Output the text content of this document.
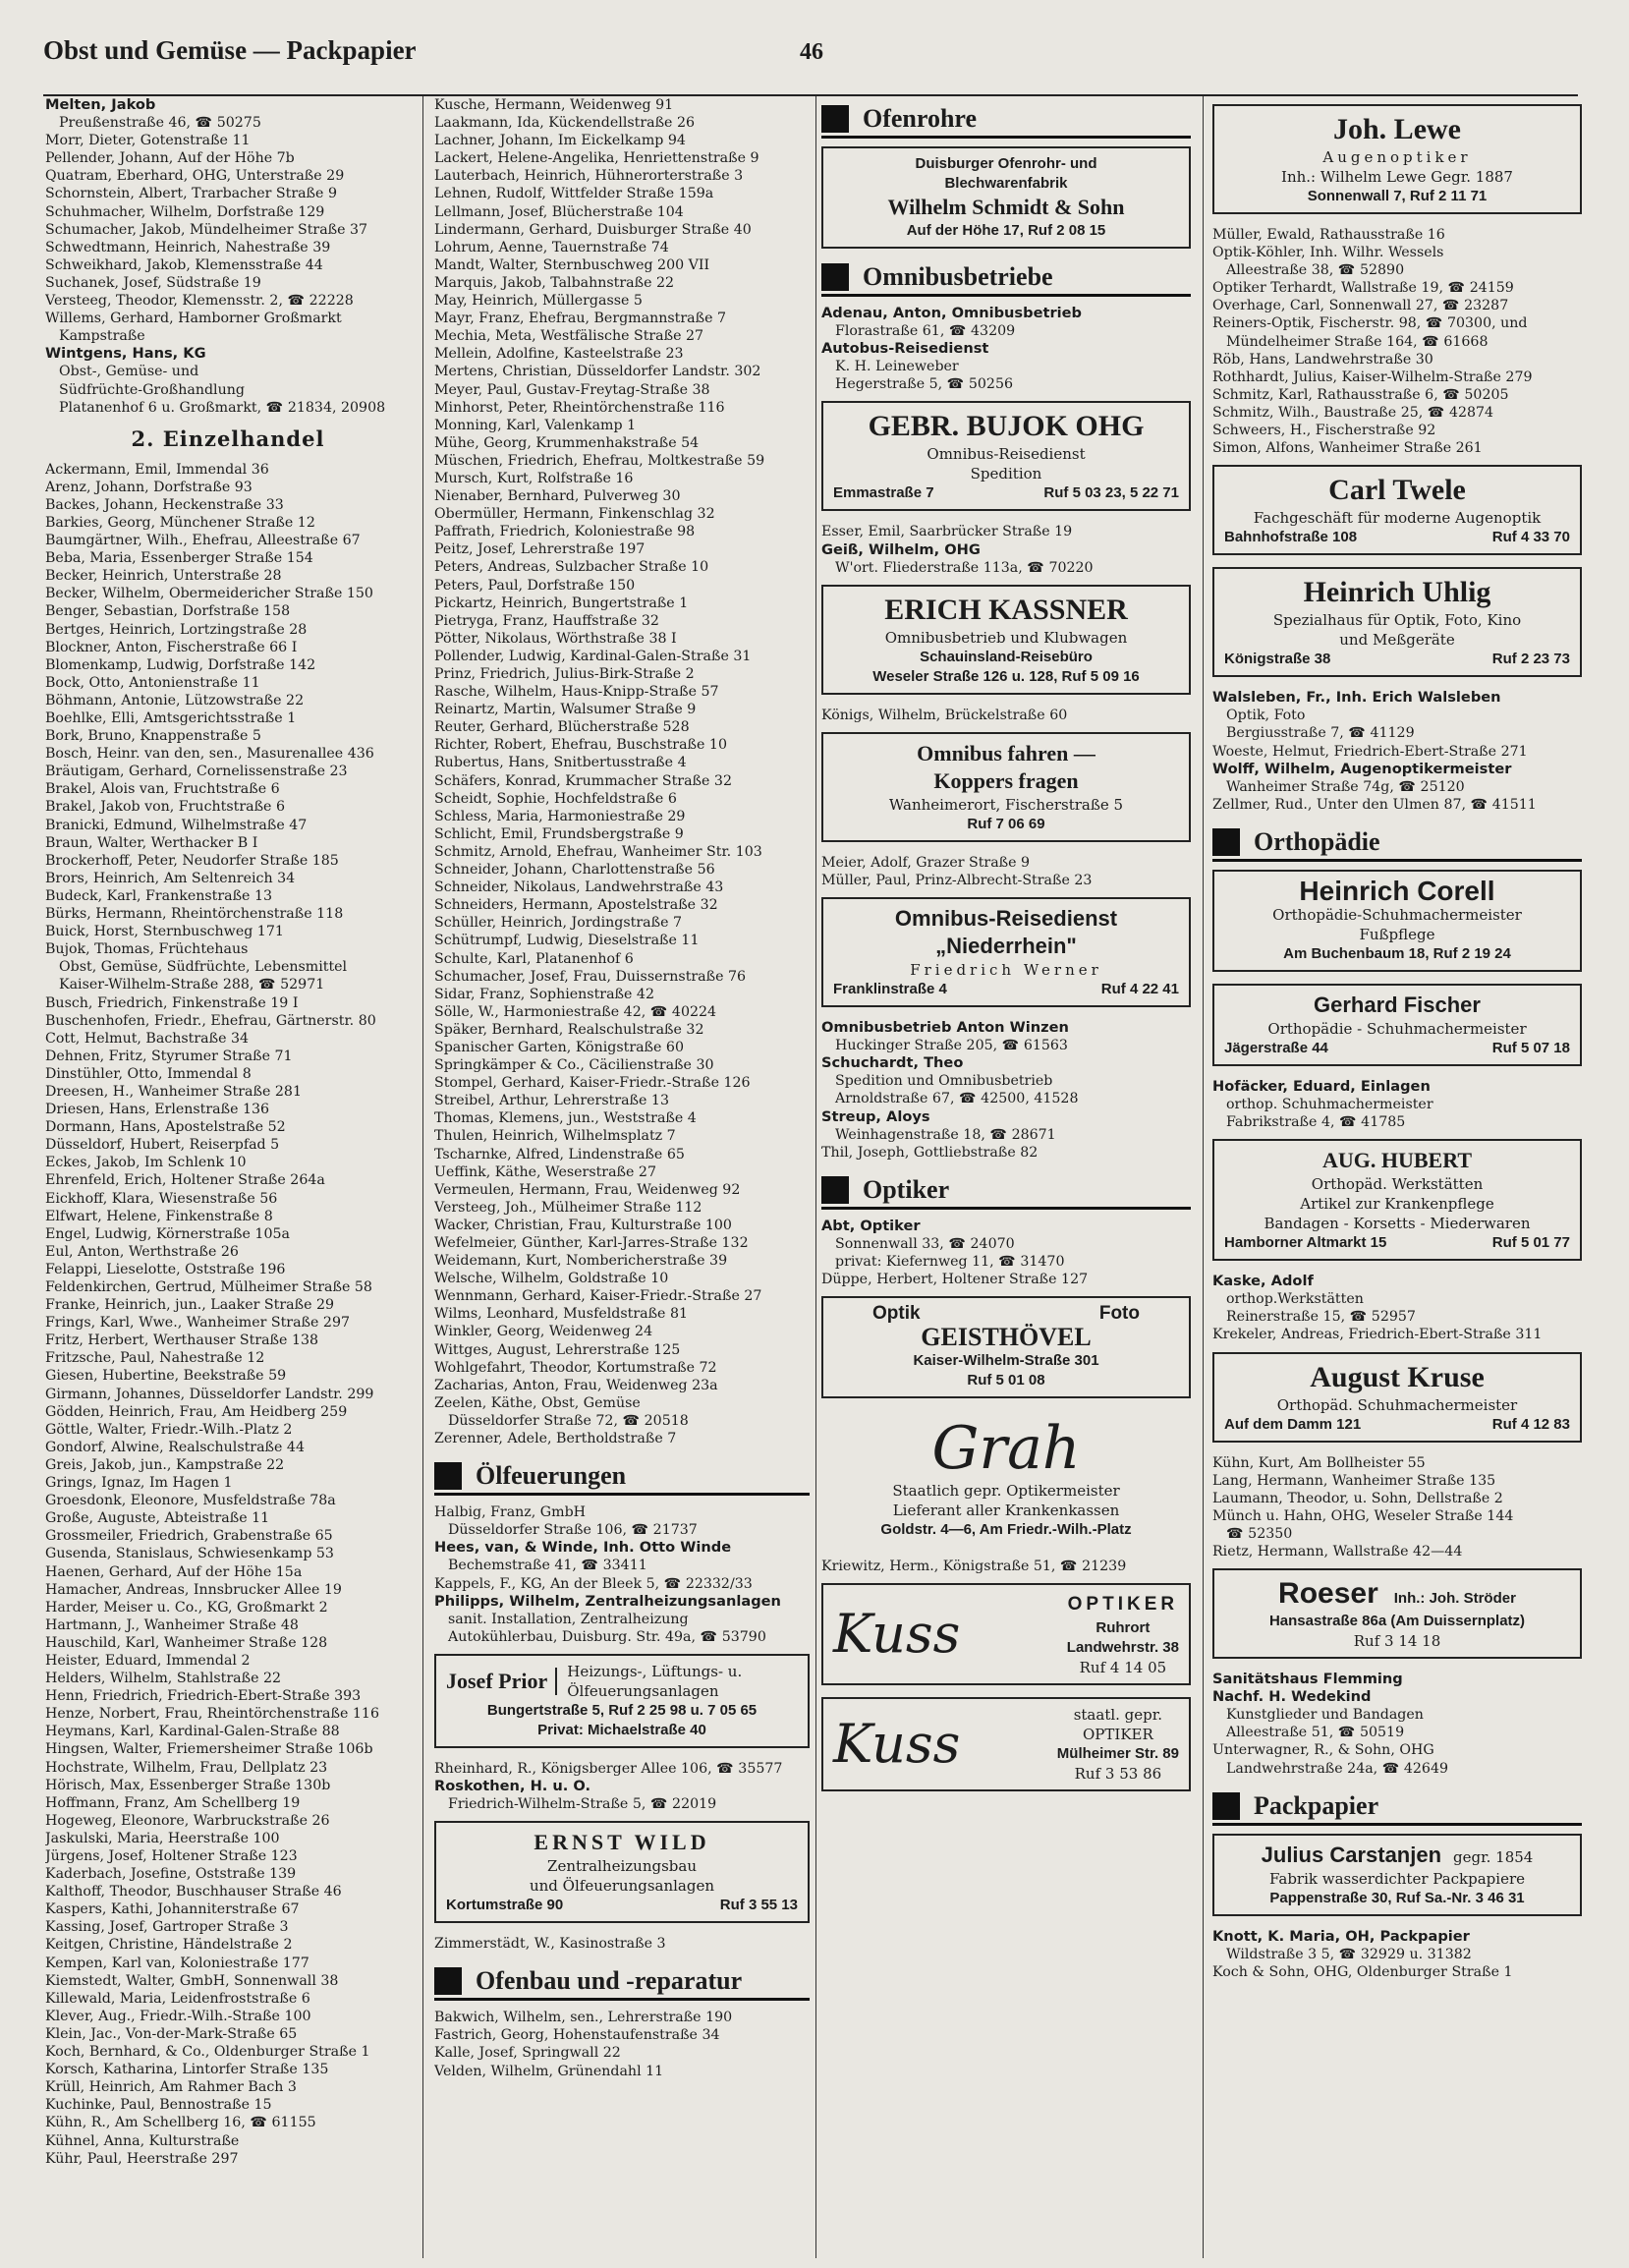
Obst und Gemüse — Packpapier	46
Melten, Jakob
Preußenstraße 46, ☎ 50275
Morr, Dieter, Gotenstraße 11
Pellender, Johann, Auf der Höhe 7b
Quatram, Eberhard, OHG, Unterstraße 29
Schornstein, Albert, Trarbacher Straße 9
Schuhmacher, Wilhelm, Dorfstraße 129
Schumacher, Jakob, Mündelheimer Straße 37
Schwedtmann, Heinrich, Nahestraße 39
Schweikhard, Jakob, Klemensstraße 44
Suchanek, Josef, Südstraße 19
Versteeg, Theodor, Klemensstr. 2, ☎ 22228
Willems, Gerhard, Hamborner Großmarkt
Kampstraße
Wintgens, Hans, KG
Obst-, Gemüse- und
Südfrüchte-Großhandlung
Platanenhof 6 u. Großmarkt, ☎ 21834, 20908
2. Einzelhandel
Ackermann, Emil, Immendal 36
Arenz, Johann, Dorfstraße 93
Backes, Johann, Heckenstraße 33
Barkies, Georg, Münchener Straße 12
Baumgärtner, Wilh., Ehefrau, Alleestraße 67
Beba, Maria, Essenberger Straße 154
Becker, Heinrich, Unterstraße 28
Becker, Wilhelm, Obermeidericher Straße 150
Benger, Sebastian, Dorfstraße 158
Bertges, Heinrich, Lortzingstraße 28
Blockner, Anton, Fischerstraße 66 I
Blomenkamp, Ludwig, Dorfstraße 142
Bock, Otto, Antonienstraße 11
Böhmann, Antonie, Lützowstraße 22
Boehlke, Elli, Amtsgerichtsstraße 1
Bork, Bruno, Knappenstraße 5
Bosch, Heinr. van den, sen., Masurenallee 436
Bräutigam, Gerhard, Cornelissenstraße 23
Brakel, Alois van, Fruchtstraße 6
Brakel, Jakob von, Fruchtstraße 6
Branicki, Edmund, Wilhelmstraße 47
Braun, Walter, Werthacker B I
Brockerhoff, Peter, Neudorfer Straße 185
Brors, Heinrich, Am Seltenreich 34
Budeck, Karl, Frankenstraße 13
Bürks, Hermann, Rheintörchenstraße 118
Buick, Horst, Sternbuschweg 171
Bujok, Thomas, Früchtehaus
Obst, Gemüse, Südfrüchte, Lebensmittel
Kaiser-Wilhelm-Straße 288, ☎ 52971
Busch, Friedrich, Finkenstraße 19 I
Buschenhofen, Friedr., Ehefrau, Gärtnerstr. 80
Cott, Helmut, Bachstraße 34
Dehnen, Fritz, Styrumer Straße 71
Dinstühler, Otto, Immendal 8
Dreesen, H., Wanheimer Straße 281
Driesen, Hans, Erlenstraße 136
Dormann, Hans, Apostelstraße 52
Düsseldorf, Hubert, Reiserpfad 5
Eckes, Jakob, Im Schlenk 10
Ehrenfeld, Erich, Holtener Straße 264a
Eickhoff, Klara, Wiesenstraße 56
Elfwart, Helene, Finkenstraße 8
Engel, Ludwig, Körnerstraße 105a
Eul, Anton, Werthstraße 26
Felappi, Lieselotte, Oststraße 196
Feldenkirchen, Gertrud, Mülheimer Straße 58
Franke, Heinrich, jun., Laaker Straße 29
Frings, Karl, Wwe., Wanheimer Straße 297
Fritz, Herbert, Werthauser Straße 138
Fritzsche, Paul, Nahestraße 12
Giesen, Hubertine, Beekstraße 59
Girmann, Johannes, Düsseldorfer Landstr. 299
Gödden, Heinrich, Frau, Am Heidberg 259
Göttle, Walter, Friedr.-Wilh.-Platz 2
Gondorf, Alwine, Realschulstraße 44
Greis, Jakob, jun., Kampstraße 22
Grings, Ignaz, Im Hagen 1
Groesdonk, Eleonore, Musfeldstraße 78a
Große, Auguste, Abteistraße 11
Grossmeiler, Friedrich, Grabenstraße 65
Gusenda, Stanislaus, Schwiesenkamp 53
Haenen, Gerhard, Auf der Höhe 15a
Hamacher, Andreas, Innsbrucker Allee 19
Harder, Meiser u. Co., KG, Großmarkt 2
Hartmann, J., Wanheimer Straße 48
Hauschild, Karl, Wanheimer Straße 128
Heister, Eduard, Immendal 2
Helders, Wilhelm, Stahlstraße 22
Henn, Friedrich, Friedrich-Ebert-Straße 393
Henze, Norbert, Frau, Rheintörchenstraße 116
Heymans, Karl, Kardinal-Galen-Straße 88
Hingsen, Walter, Friemersheimer Straße 106b
Hochstrate, Wilhelm, Frau, Dellplatz 23
Hörisch, Max, Essenberger Straße 130b
Hoffmann, Franz, Am Schellberg 19
Hogeweg, Eleonore, Warbruckstraße 26
Jaskulski, Maria, Heerstraße 100
Jürgens, Josef, Holtener Straße 123
Kaderbach, Josefine, Oststraße 139
Kalthoff, Theodor, Buschhauser Straße 46
Kaspers, Kathi, Johanniterstraße 67
Kassing, Josef, Gartroper Straße 3
Keitgen, Christine, Händelstraße 2
Kempen, Karl van, Koloniestraße 177
Kiemstedt, Walter, GmbH, Sonnenwall 38
Killewald, Maria, Leidenfroststraße 6
Klever, Aug., Friedr.-Wilh.-Straße 100
Klein, Jac., Von-der-Mark-Straße 65
Koch, Bernhard, & Co., Oldenburger Straße 1
Korsch, Katharina, Lintorfer Straße 135
Krüll, Heinrich, Am Rahmer Bach 3
Kuchinke, Paul, Bennostraße 15
Kühn, R., Am Schellberg 16, ☎ 61155
Kühnel, Anna, Kulturstraße
Kühr, Paul, Heerstraße 297
Kusche, Hermann, Weidenweg 91
Laakmann, Ida, Kückendellstraße 26
Lachner, Johann, Im Eickelkamp 94
Lackert, Helene-Angelika, Henriettenstraße 9
Lauterbach, Heinrich, Hühnerorterstraße 3
Lehnen, Rudolf, Wittfelder Straße 159a
Lellmann, Josef, Blücherstraße 104
Lindermann, Gerhard, Duisburger Straße 40
Lohrum, Aenne, Tauernstraße 74
Mandt, Walter, Sternbuschweg 200 VII
Marquis, Jakob, Talbahnstraße 22
May, Heinrich, Müllergasse 5
Mayr, Franz, Ehefrau, Bergmannstraße 7
Mechia, Meta, Westfälische Straße 27
Mellein, Adolfine, Kasteelstraße 23
Mertens, Christian, Düsseldorfer Landstr. 302
Meyer, Paul, Gustav-Freytag-Straße 38
Minhorst, Peter, Rheintörchenstraße 116
Monning, Karl, Valenkamp 1
Mühe, Georg, Krummenhakstraße 54
Müschen, Friedrich, Ehefrau, Moltkestraße 59
Mursch, Kurt, Rolfstraße 16
Nienaber, Bernhard, Pulverweg 30
Obermüller, Hermann, Finkenschlag 32
Paffrath, Friedrich, Koloniestraße 98
Peitz, Josef, Lehrerstraße 197
Peters, Andreas, Sulzbacher Straße 10
Peters, Paul, Dorfstraße 150
Pickartz, Heinrich, Bungertstraße 1
Pietryga, Franz, Hauffstraße 32
Pötter, Nikolaus, Wörthstraße 38 I
Pollender, Ludwig, Kardinal-Galen-Straße 31
Prinz, Friedrich, Julius-Birk-Straße 2
Rasche, Wilhelm, Haus-Knipp-Straße 57
Reinartz, Martin, Walsumer Straße 9
Reuter, Gerhard, Blücherstraße 528
Richter, Robert, Ehefrau, Buschstraße 10
Rubertus, Hans, Snitbertusstraße 4
Schäfers, Konrad, Krummacher Straße 32
Scheidt, Sophie, Hochfeldstraße 6
Schless, Maria, Harmoniestraße 29
Schlicht, Emil, Frundsbergstraße 9
Schmitz, Arnold, Ehefrau, Wanheimer Str. 103
Schneider, Johann, Charlottenstraße 56
Schneider, Nikolaus, Landwehrstraße 43
Schneiders, Hermann, Apostelstraße 32
Schüller, Heinrich, Jordingstraße 7
Schütrumpf, Ludwig, Dieselstraße 11
Schulte, Karl, Platanenhof 6
Schumacher, Josef, Frau, Duissernstraße 76
Sidar, Franz, Sophienstraße 42
Sölle, W., Harmoniestraße 42, ☎ 40224
Späker, Bernhard, Realschulstraße 32
Spanischer Garten, Königstraße 60
Springkämper & Co., Cäcilienstraße 30
Stompel, Gerhard, Kaiser-Friedr.-Straße 126
Streibel, Arthur, Lehrerstraße 13
Thomas, Klemens, jun., Weststraße 4
Thulen, Heinrich, Wilhelmsplatz 7
Tscharnke, Alfred, Lindenstraße 65
Ueffink, Käthe, Weserstraße 27
Vermeulen, Hermann, Frau, Weidenweg 92
Versteeg, Joh., Mülheimer Straße 112
Wacker, Christian, Frau, Kulturstraße 100
Wefelmeier, Günther, Karl-Jarres-Straße 132
Weidemann, Kurt, Nombericherstraße 39
Welsche, Wilhelm, Goldstraße 10
Wennmann, Gerhard, Kaiser-Friedr.-Straße 27
Wilms, Leonhard, Musfeldstraße 81
Winkler, Georg, Weidenweg 24
Wittges, August, Lehrerstraße 125
Wohlgefahrt, Theodor, Kortumstraße 72
Zacharias, Anton, Frau, Weidenweg 23a
Zeelen, Käthe, Obst, Gemüse
Düsseldorfer Straße 72, ☎ 20518
Zerenner, Adele, Bertholdstraße 7
Ölfeuerungen
Halbig, Franz, GmbH
Düsseldorfer Straße 106, ☎ 21737
Hees, van, & Winde, Inh. Otto Winde
Bechemstraße 41, ☎ 33411
Kappels, F., KG, An der Bleek 5, ☎ 22332/33
Philipps, Wilhelm, Zentralheizungsanlagen
sanit. Installation, Zentralheizung
Autokühlerbau, Duisburg. Str. 49a, ☎ 53790
Josef Prior	Heizungs-, Lüftungs- u.
Ölfeuerungsanlagen
Bungertstraße 5, Ruf 2 25 98 u. 7 05 65
Privat: Michaelstraße 40
Rheinhard, R., Königsberger Allee 106, ☎ 35577
Roskothen, H. u. O.
Friedrich-Wilhelm-Straße 5, ☎ 22019
ERNST WILD
Zentralheizungsbau
und Ölfeuerungsanlagen
Kortumstraße 90	Ruf 3 55 13
Zimmerstädt, W., Kasinostraße 3
Ofenbau und -reparatur
Bakwich, Wilhelm, sen., Lehrerstraße 190
Fastrich, Georg, Hohenstaufenstraße 34
Kalle, Josef, Springwall 22
Velden, Wilhelm, Grünendahl 11
Ofenrohre
Duisburger Ofenrohr- und
Blechwarenfabrik
Wilhelm Schmidt & Sohn
Auf der Höhe 17, Ruf 2 08 15
Omnibusbetriebe
Adenau, Anton, Omnibusbetrieb
Florastraße 61, ☎ 43209
Autobus-Reisedienst
K. H. Leineweber
Hegerstraße 5, ☎ 50256
GEBR. BUJOK OHG
Omnibus-Reisedienst
Spedition
Emmastraße 7	Ruf 5 03 23, 5 22 71
Esser, Emil, Saarbrücker Straße 19
Geiß, Wilhelm, OHG
W'ort. Fliederstraße 113a, ☎ 70220
ERICH KASSNER
Omnibusbetrieb und Klubwagen
Schauinsland-Reisebüro
Weseler Straße 126 u. 128, Ruf 5 09 16
Königs, Wilhelm, Brückelstraße 60
Omnibus fahren —
Koppers fragen
Wanheimerort, Fischerstraße 5
Ruf 7 06 69
Meier, Adolf, Grazer Straße 9
Müller, Paul, Prinz-Albrecht-Straße 23
Omnibus-Reisedienst
„Niederrhein"
Friedrich Werner
Franklinstraße 4	Ruf 4 22 41
Omnibusbetrieb Anton Winzen
Huckinger Straße 205, ☎ 61563
Schuchardt, Theo
Spedition und Omnibusbetrieb
Arnoldstraße 67, ☎ 42500, 41528
Streup, Aloys
Weinhagenstraße 18, ☎ 28671
Thil, Joseph, Gottliebstraße 82
Optiker
Abt, Optiker
Sonnenwall 33, ☎ 24070
privat: Kiefernweg 11, ☎ 31470
Düppe, Herbert, Holtener Straße 127
Optik	Foto
GEISTHÖVEL
Kaiser-Wilhelm-Straße 301
Ruf 5 01 08
Grah
Staatlich gepr. Optikermeister
Lieferant aller Krankenkassen
Goldstr. 4—6, Am Friedr.-Wilh.-Platz
Kriewitz, Herm., Königstraße 51, ☎ 21239
Kuss	OPTIKER
Ruhrort
Landwehrstr. 38
Ruf 4 14 05
Kuss	staatl. gepr.
OPTIKER
Mülheimer Str. 89
Ruf 3 53 86
Joh. Lewe
Augenoptiker
Inh.: Wilhelm Lewe Gegr. 1887
Sonnenwall 7, Ruf 2 11 71
Müller, Ewald, Rathausstraße 16
Optik-Köhler, Inh. Wilhr. Wessels
Alleestraße 38, ☎ 52890
Optiker Terhardt, Wallstraße 19, ☎ 24159
Overhage, Carl, Sonnenwall 27, ☎ 23287
Reiners-Optik, Fischerstr. 98, ☎ 70300, und
Mündelheimer Straße 164, ☎ 61668
Röb, Hans, Landwehrstraße 30
Rothhardt, Julius, Kaiser-Wilhelm-Straße 279
Schmitz, Karl, Rathausstraße 6, ☎ 50205
Schmitz, Wilh., Baustraße 25, ☎ 42874
Schweers, H., Fischerstraße 92
Simon, Alfons, Wanheimer Straße 261
Carl Twele
Fachgeschäft für moderne Augenoptik
Bahnhofstraße 108	Ruf 4 33 70
Heinrich Uhlig
Spezialhaus für Optik, Foto, Kino
und Meßgeräte
Königstraße 38	Ruf 2 23 73
Walsleben, Fr., Inh. Erich Walsleben
Optik, Foto
Bergiusstraße 7, ☎ 41129
Woeste, Helmut, Friedrich-Ebert-Straße 271
Wolff, Wilhelm, Augenoptikermeister
Wanheimer Straße 74g, ☎ 25120
Zellmer, Rud., Unter den Ulmen 87, ☎ 41511
Orthopädie
Heinrich Corell
Orthopädie-Schuhmachermeister
Fußpflege
Am Buchenbaum 18, Ruf 2 19 24
Gerhard Fischer
Orthopädie - Schuhmachermeister
Jägerstraße 44	Ruf 5 07 18
Hofäcker, Eduard, Einlagen
orthop. Schuhmachermeister
Fabrikstraße 4, ☎ 41785
AUG. HUBERT
Orthopäd. Werkstätten
Artikel zur Krankenpflege
Bandagen - Korsetts - Miederwaren
Hamborner Altmarkt 15	Ruf 5 01 77
Kaske, Adolf
orthop.Werkstätten
Reinerstraße 15, ☎ 52957
Krekeler, Andreas, Friedrich-Ebert-Straße 311
August Kruse
Orthopäd. Schuhmachermeister
Auf dem Damm 121	Ruf 4 12 83
Kühn, Kurt, Am Bollheister 55
Lang, Hermann, Wanheimer Straße 135
Laumann, Theodor, u. Sohn, Dellstraße 2
Münch u. Hahn, OHG, Weseler Straße 144
☎ 52350
Rietz, Hermann, Wallstraße 42—44
Roeser Inh.: Joh. Ströder
Hansastraße 86a (Am Duissernplatz)
Ruf 3 14 18
Sanitätshaus Flemming
Nachf. H. Wedekind
Kunstglieder und Bandagen
Alleestraße 51, ☎ 50519
Unterwagner, R., & Sohn, OHG
Landwehrstraße 24a, ☎ 42649
Packpapier
Julius Carstanjen gegr. 1854
Fabrik wasserdichter Packpapiere
Pappenstraße 30, Ruf Sa.-Nr. 3 46 31
Knott, K. Maria, OH, Packpapier
Wildstraße 3 5, ☎ 32929 u. 31382
Koch & Sohn, OHG, Oldenburger Straße 1
